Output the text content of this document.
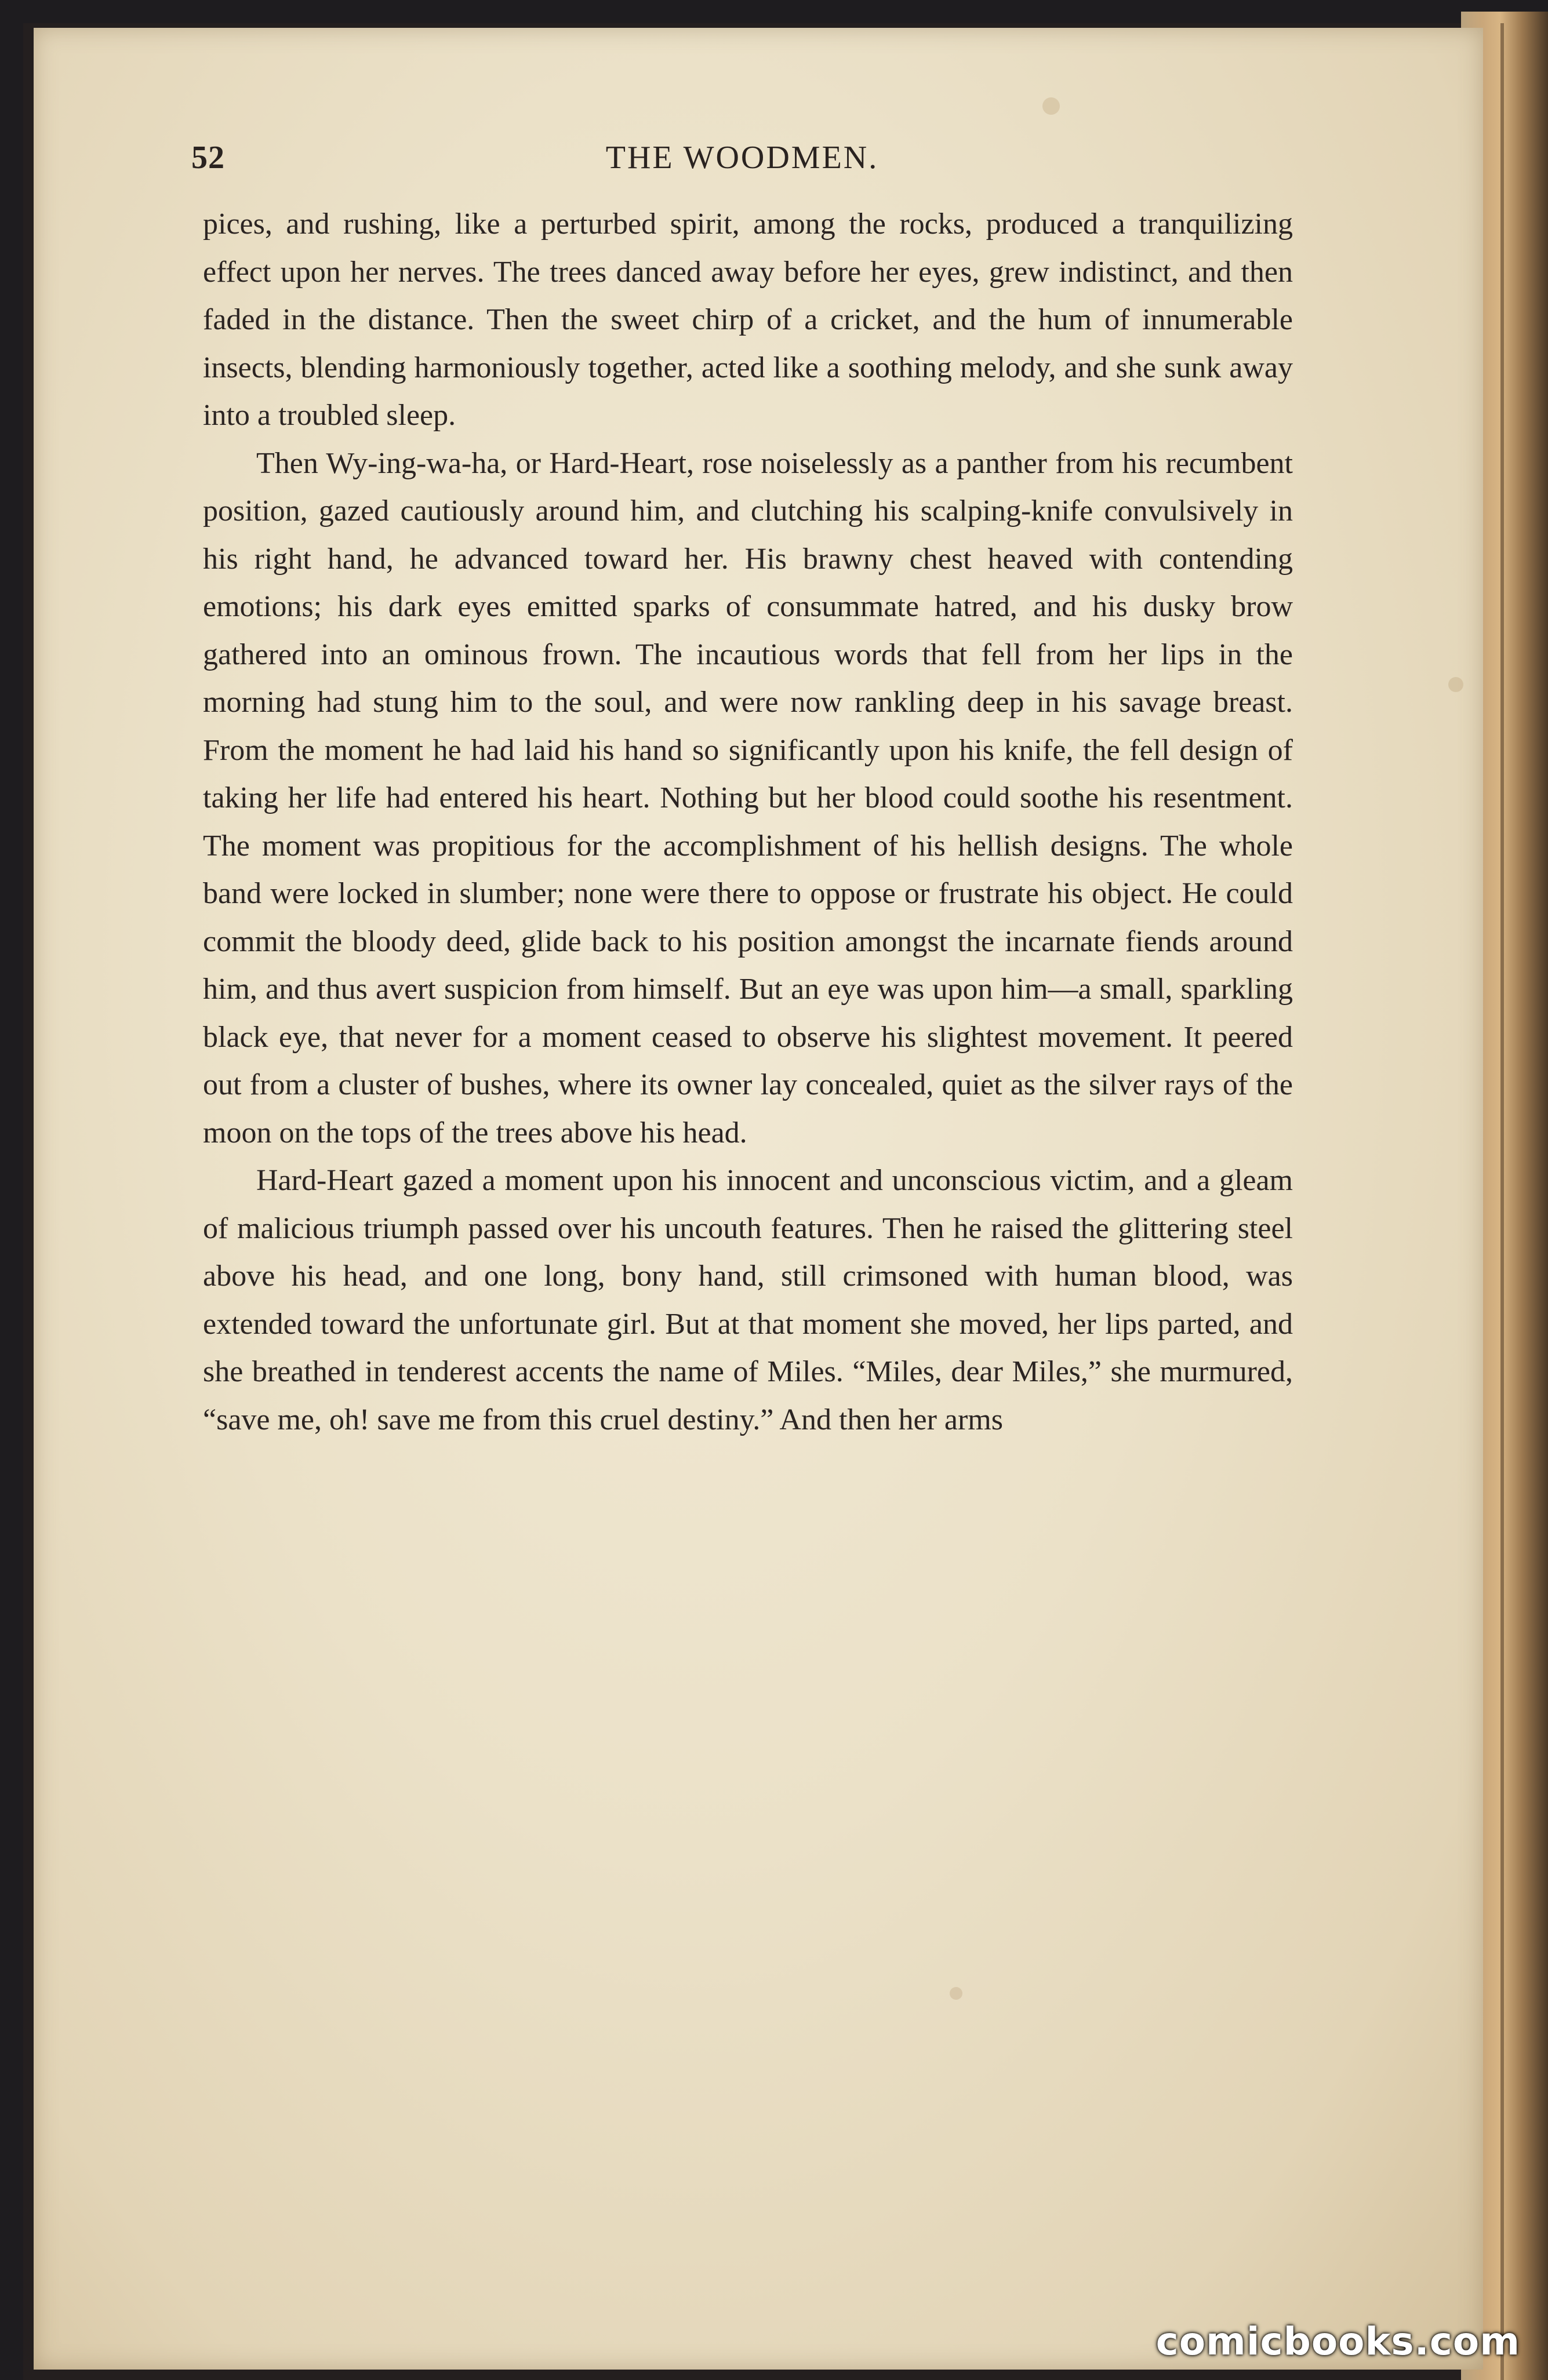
52	THE WOODMEN.

pices, and rushing, like a perturbed spirit, among the rocks, produced a tranquilizing effect upon her nerves. The trees danced away before her eyes, grew indistinct, and then faded in the distance. Then the sweet chirp of a cricket, and the hum of innumerable insects, blending harmoniously together, acted like a soothing melody, and she sunk away into a troubled sleep.

Then Wy-ing-wa-ha, or Hard-Heart, rose noiselessly as a panther from his recumbent position, gazed cautiously around him, and clutching his scalping-knife convulsively in his right hand, he advanced toward her. His brawny chest heaved with contending emotions; his dark eyes emitted sparks of consummate hatred, and his dusky brow gathered into an ominous frown. The incautious words that fell from her lips in the morning had stung him to the soul, and were now rankling deep in his savage breast. From the moment he had laid his hand so significantly upon his knife, the fell design of taking her life had entered his heart. Nothing but her blood could soothe his resentment. The moment was propitious for the accomplishment of his hellish designs. The whole band were locked in slumber; none were there to oppose or frustrate his object. He could commit the bloody deed, glide back to his position amongst the incarnate fiends around him, and thus avert suspicion from himself. But an eye was upon him—a small, sparkling black eye, that never for a moment ceased to observe his slightest movement. It peered out from a cluster of bushes, where its owner lay concealed, quiet as the silver rays of the moon on the tops of the trees above his head.

Hard-Heart gazed a moment upon his innocent and unconscious victim, and a gleam of malicious triumph passed over his uncouth features. Then he raised the glittering steel above his head, and one long, bony hand, still crimsoned with human blood, was extended toward the unfortunate girl. But at that moment she moved, her lips parted, and she breathed in tenderest accents the name of Miles. “Miles, dear Miles,” she murmured, “save me, oh! save me from this cruel destiny.” And then her arms

comicbooks.com
